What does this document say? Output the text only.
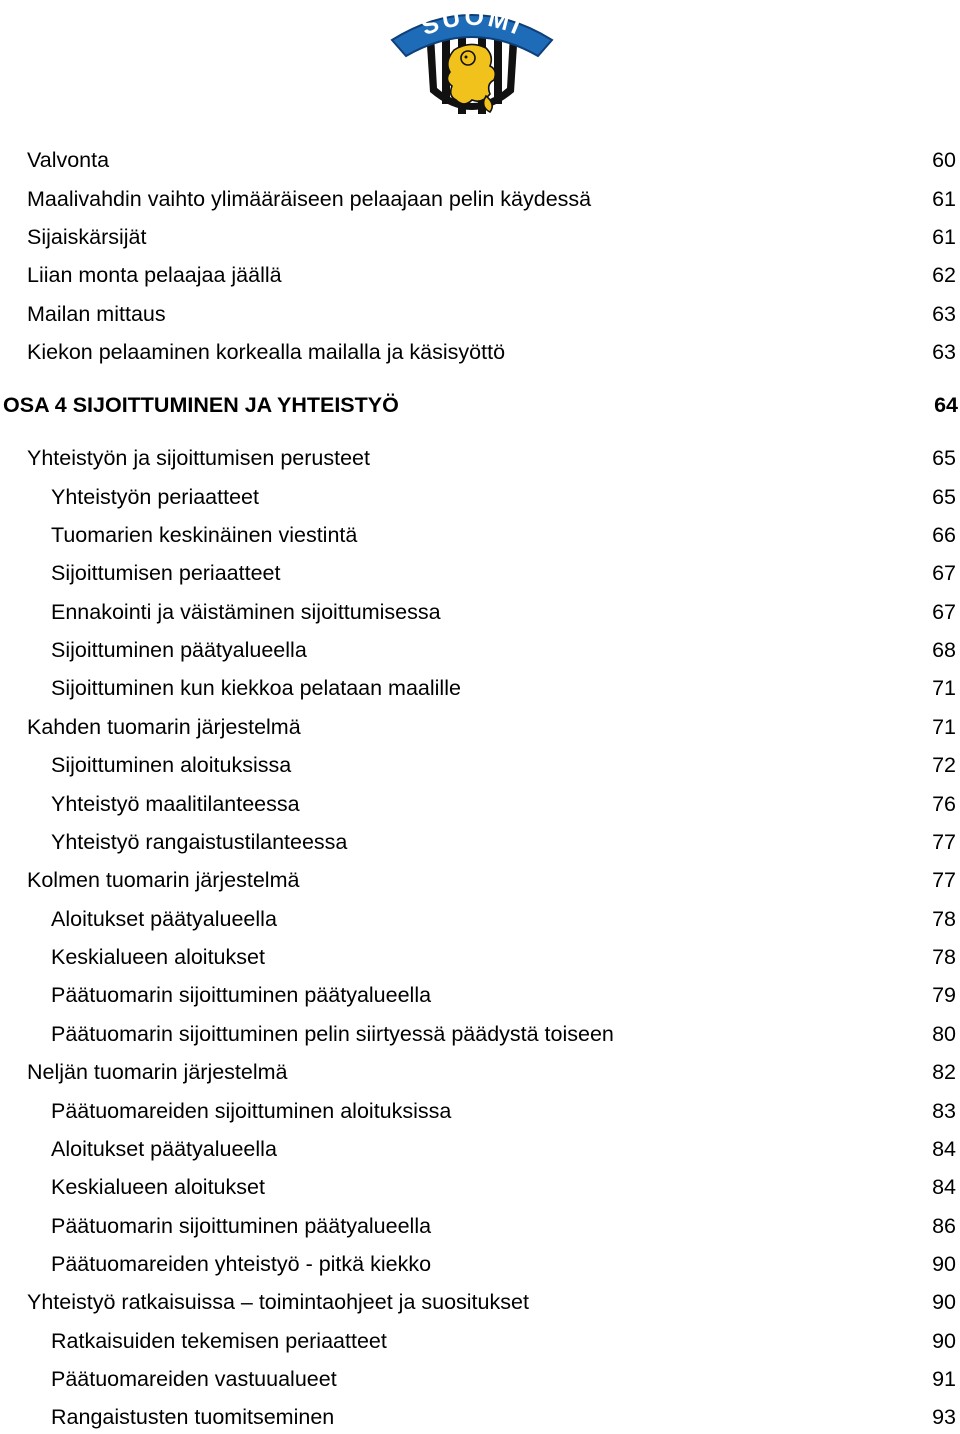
SUOMI
Valvonta	60
Maalivahdin vaihto ylimääräiseen pelaajaan pelin käydessä	61
Sijaiskärsijät	61
Liian monta pelaajaa jäällä	62
Mailan mittaus	63
Kiekon pelaaminen korkealla mailalla ja käsisyöttö	63
OSA 4 SIJOITTUMINEN JA YHTEISTYÖ	64
Yhteistyön ja sijoittumisen perusteet	65
Yhteistyön periaatteet	65
Tuomarien keskinäinen viestintä	66
Sijoittumisen periaatteet	67
Ennakointi ja väistäminen sijoittumisessa	67
Sijoittuminen päätyalueella	68
Sijoittuminen kun kiekkoa pelataan maalille	71
Kahden tuomarin järjestelmä	71
Sijoittuminen aloituksissa	72
Yhteistyö maalitilanteessa	76
Yhteistyö rangaistustilanteessa	77
Kolmen tuomarin järjestelmä	77
Aloitukset päätyalueella	78
Keskialueen aloitukset	78
Päätuomarin sijoittuminen päätyalueella	79
Päätuomarin sijoittuminen pelin siirtyessä päädystä toiseen	80
Neljän tuomarin järjestelmä	82
Päätuomareiden sijoittuminen aloituksissa	83
Aloitukset päätyalueella	84
Keskialueen aloitukset	84
Päätuomarin sijoittuminen päätyalueella	86
Päätuomareiden yhteistyö - pitkä kiekko	90
Yhteistyö ratkaisuissa – toimintaohjeet ja suositukset	90
Ratkaisuiden tekemisen periaatteet	90
Päätuomareiden vastuualueet	91
Rangaistusten tuomitseminen	93
